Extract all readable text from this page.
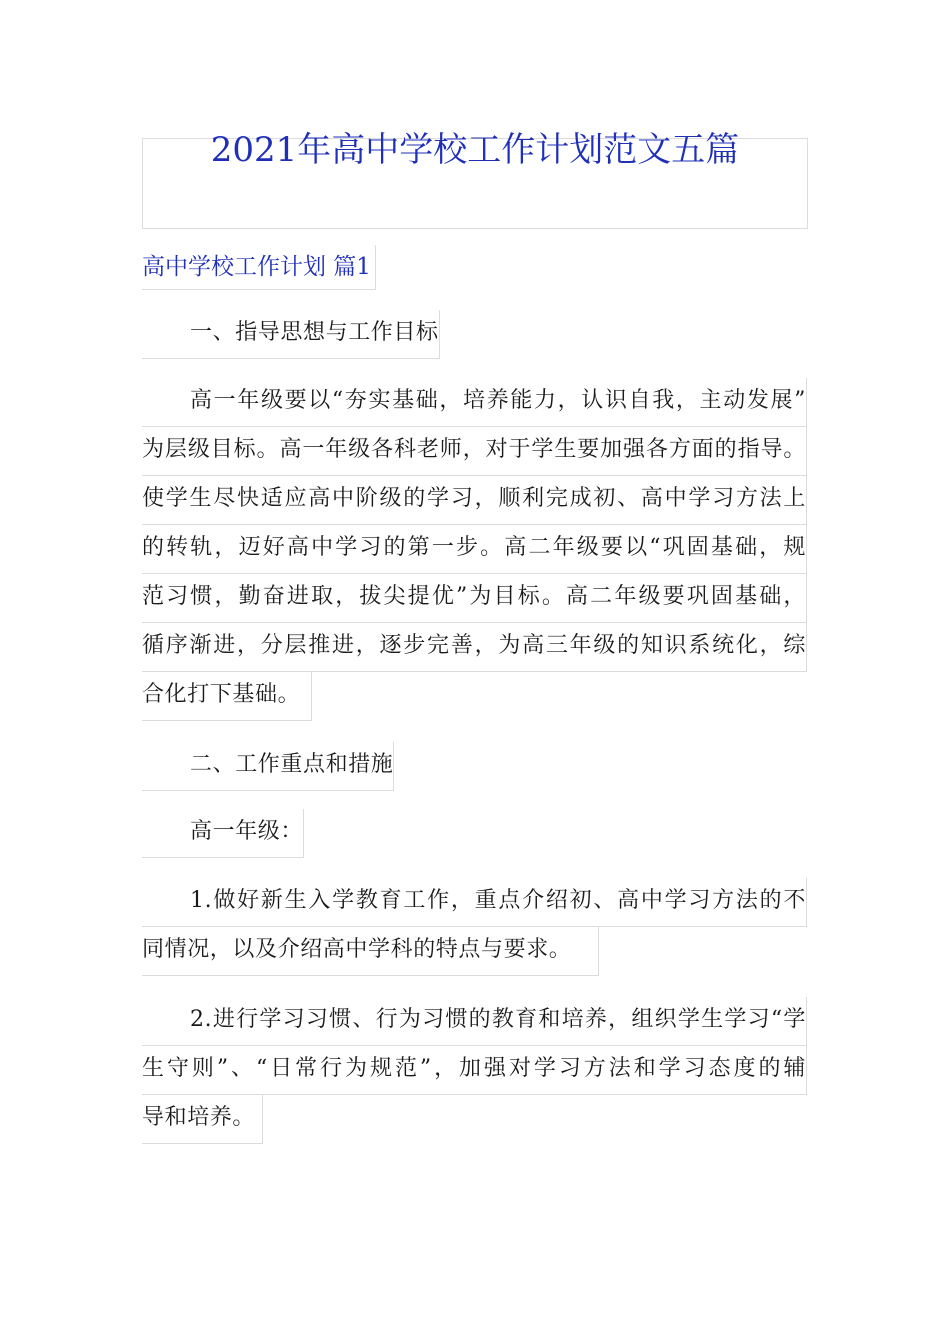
2021年高中学校工作计划范文五篇
高中学校工作计划 篇1
一、指导思想与工作目标
高一年级要以“夯实基础，培养能力，认识自我，主动发展”
为层级目标。高一年级各科老师，对于学生要加强各方面的指导。
使学生尽快适应高中阶级的学习，顺利完成初、高中学习方法上
的转轨，迈好高中学习的第一步。高二年级要以“巩固基础，规
范习惯，勤奋进取，拔尖提优”为目标。高二年级要巩固基础，
循序渐进，分层推进，逐步完善，为高三年级的知识系统化，综
合化打下基础。
二、工作重点和措施
高一年级：
1.做好新生入学教育工作，重点介绍初、高中学习方法的不
同情况，以及介绍高中学科的特点与要求。
2.进行学习习惯、行为习惯的教育和培养，组织学生学习“学
生守则”、“日常行为规范”，加强对学习方法和学习态度的辅
导和培养。
